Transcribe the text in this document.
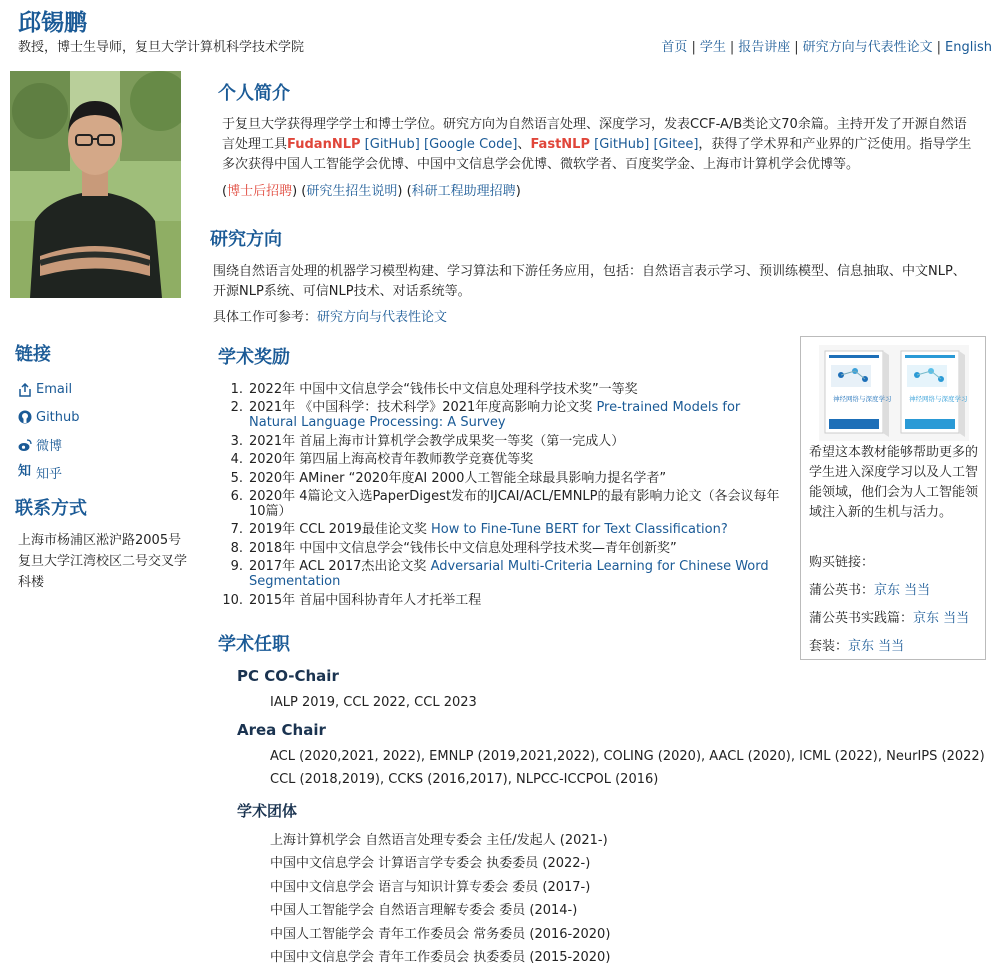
邱锡鹏
教授，博士生导师，复旦大学计算机科学技术学院	首页 | 学生 | 报告讲座 | 研究方向与代表性论文 | English
链接
Email
Github
微博
知 知乎
联系方式
上海市杨浦区淞沪路2005号复旦大学江湾校区二号交叉学科楼
个人简介
于复旦大学获得理学学士和博士学位。研究方向为自然语言处理、深度学习，发表CCF-A/B类论文70余篇。主持开发了开源自然语言处理工具FudanNLP [GitHub] [Google Code]、FastNLP [GitHub] [Gitee]，获得了学术界和产业界的广泛使用。指导学生多次获得中国人工智能学会优博、中国中文信息学会优博、微软学者、百度奖学金、上海市计算机学会优博等。
(博士后招聘) (研究生招生说明) (科研工程助理招聘)
研究方向
围绕自然语言处理的机器学习模型构建、学习算法和下游任务应用，包括：自然语言表示学习、预训练模型、信息抽取、中文NLP、开源NLP系统、可信NLP技术、对话系统等。
具体工作可参考：研究方向与代表性论文
学术奖励
1. 2022年 中国中文信息学会“钱伟长中文信息处理科学技术奖”一等奖
2. 2021年 《中国科学：技术科学》2021年度高影响力论文奖 Pre-trained Models for Natural Language Processing: A Survey
3. 2021年 首届上海市计算机学会教学成果奖一等奖（第一完成人）
4. 2020年 第四届上海高校青年教师教学竞赛优等奖
5. 2020年 AMiner “2020年度AI 2000人工智能全球最具影响力提名学者”
6. 2020年 4篇论文入选PaperDigest发布的IJCAI/ACL/EMNLP的最有影响力论文（各会议每年10篇）
7. 2019年 CCL 2019最佳论文奖 How to Fine-Tune BERT for Text Classification?
8. 2018年 中国中文信息学会“钱伟长中文信息处理科学技术奖—青年创新奖”
9. 2017年 ACL 2017杰出论文奖 Adversarial Multi-Criteria Learning for Chinese Word Segmentation
10. 2015年 首届中国科协青年人才托举工程
学术任职
PC CO-Chair
IALP 2019, CCL 2022, CCL 2023
Area Chair
ACL (2020,2021, 2022), EMNLP (2019,2021,2022), COLING (2020), AACL (2020), ICML (2022), NeurIPS (2022)
CCL (2018,2019), CCKS (2016,2017), NLPCC-ICCPOL (2016)
学术团体
上海计算机学会 自然语言处理专委会 主任/发起人 (2021-)
中国中文信息学会 计算语言学专委会 执委委员 (2022-)
中国中文信息学会 语言与知识计算专委会 委员 (2017-)
中国人工智能学会 自然语言理解专委会 委员 (2014-)
中国人工智能学会 青年工作委员会 常务委员 (2016-2020)
中国中文信息学会 青年工作委员会 执委委员 (2015-2020)
神经网络与深度学习	神经网络与深度学习
希望这本教材能够帮助更多的学生进入深度学习以及人工智能领域，他们会为人工智能领域注入新的生机与活力。
购买链接：
蒲公英书：京东 当当
蒲公英书实践篇：京东 当当
套装：京东 当当
